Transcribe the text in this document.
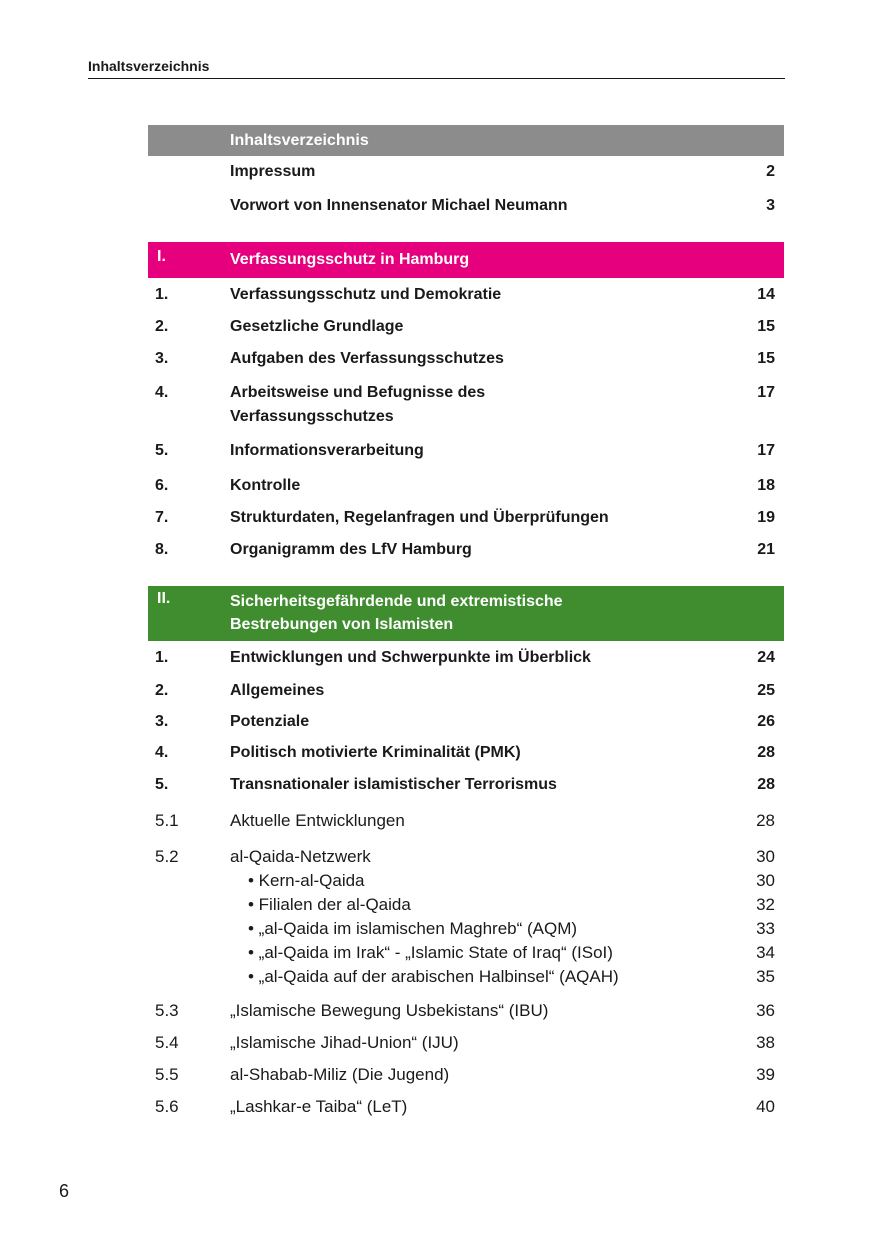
Inhaltsverzeichnis
Inhaltsverzeichnis
Impressum	2
Vorwort von Innensenator Michael Neumann	3
I.	Verfassungsschutz in Hamburg
1.	Verfassungsschutz und Demokratie	14
2.	Gesetzliche Grundlage	15
3.	Aufgaben des Verfassungsschutzes	15
4.	Arbeitsweise und Befugnisse des	17
Verfassungsschutzes
5.	Informationsverarbeitung	17
6.	Kontrolle	18
7.	Strukturdaten, Regelanfragen und Überprüfungen	19
8.	Organigramm des LfV Hamburg	21
II.	Sicherheitsgefährdende und extremistische
Bestrebungen von Islamisten
1.	Entwicklungen und Schwerpunkte im Überblick	24
2.	Allgemeines	25
3.	Potenziale	26
4.	Politisch motivierte Kriminalität (PMK)	28
5.	Transnationaler islamistischer Terrorismus	28
5.1	Aktuelle Entwicklungen	28
5.2	al-Qaida-Netzwerk	30
• Kern-al-Qaida	30
• Filialen der al-Qaida	32
• „al-Qaida im islamischen Maghreb“ (AQM)	33
• „al-Qaida im Irak“ - „Islamic State of Iraq“ (ISoI)	34
• „al-Qaida auf der arabischen Halbinsel“ (AQAH)	35
5.3	„Islamische Bewegung Usbekistans“ (IBU)	36
5.4	„Islamische Jihad-Union“ (IJU)	38
5.5	al-Shabab-Miliz (Die Jugend)	39
5.6	„Lashkar-e Taiba“ (LeT)	40
6
